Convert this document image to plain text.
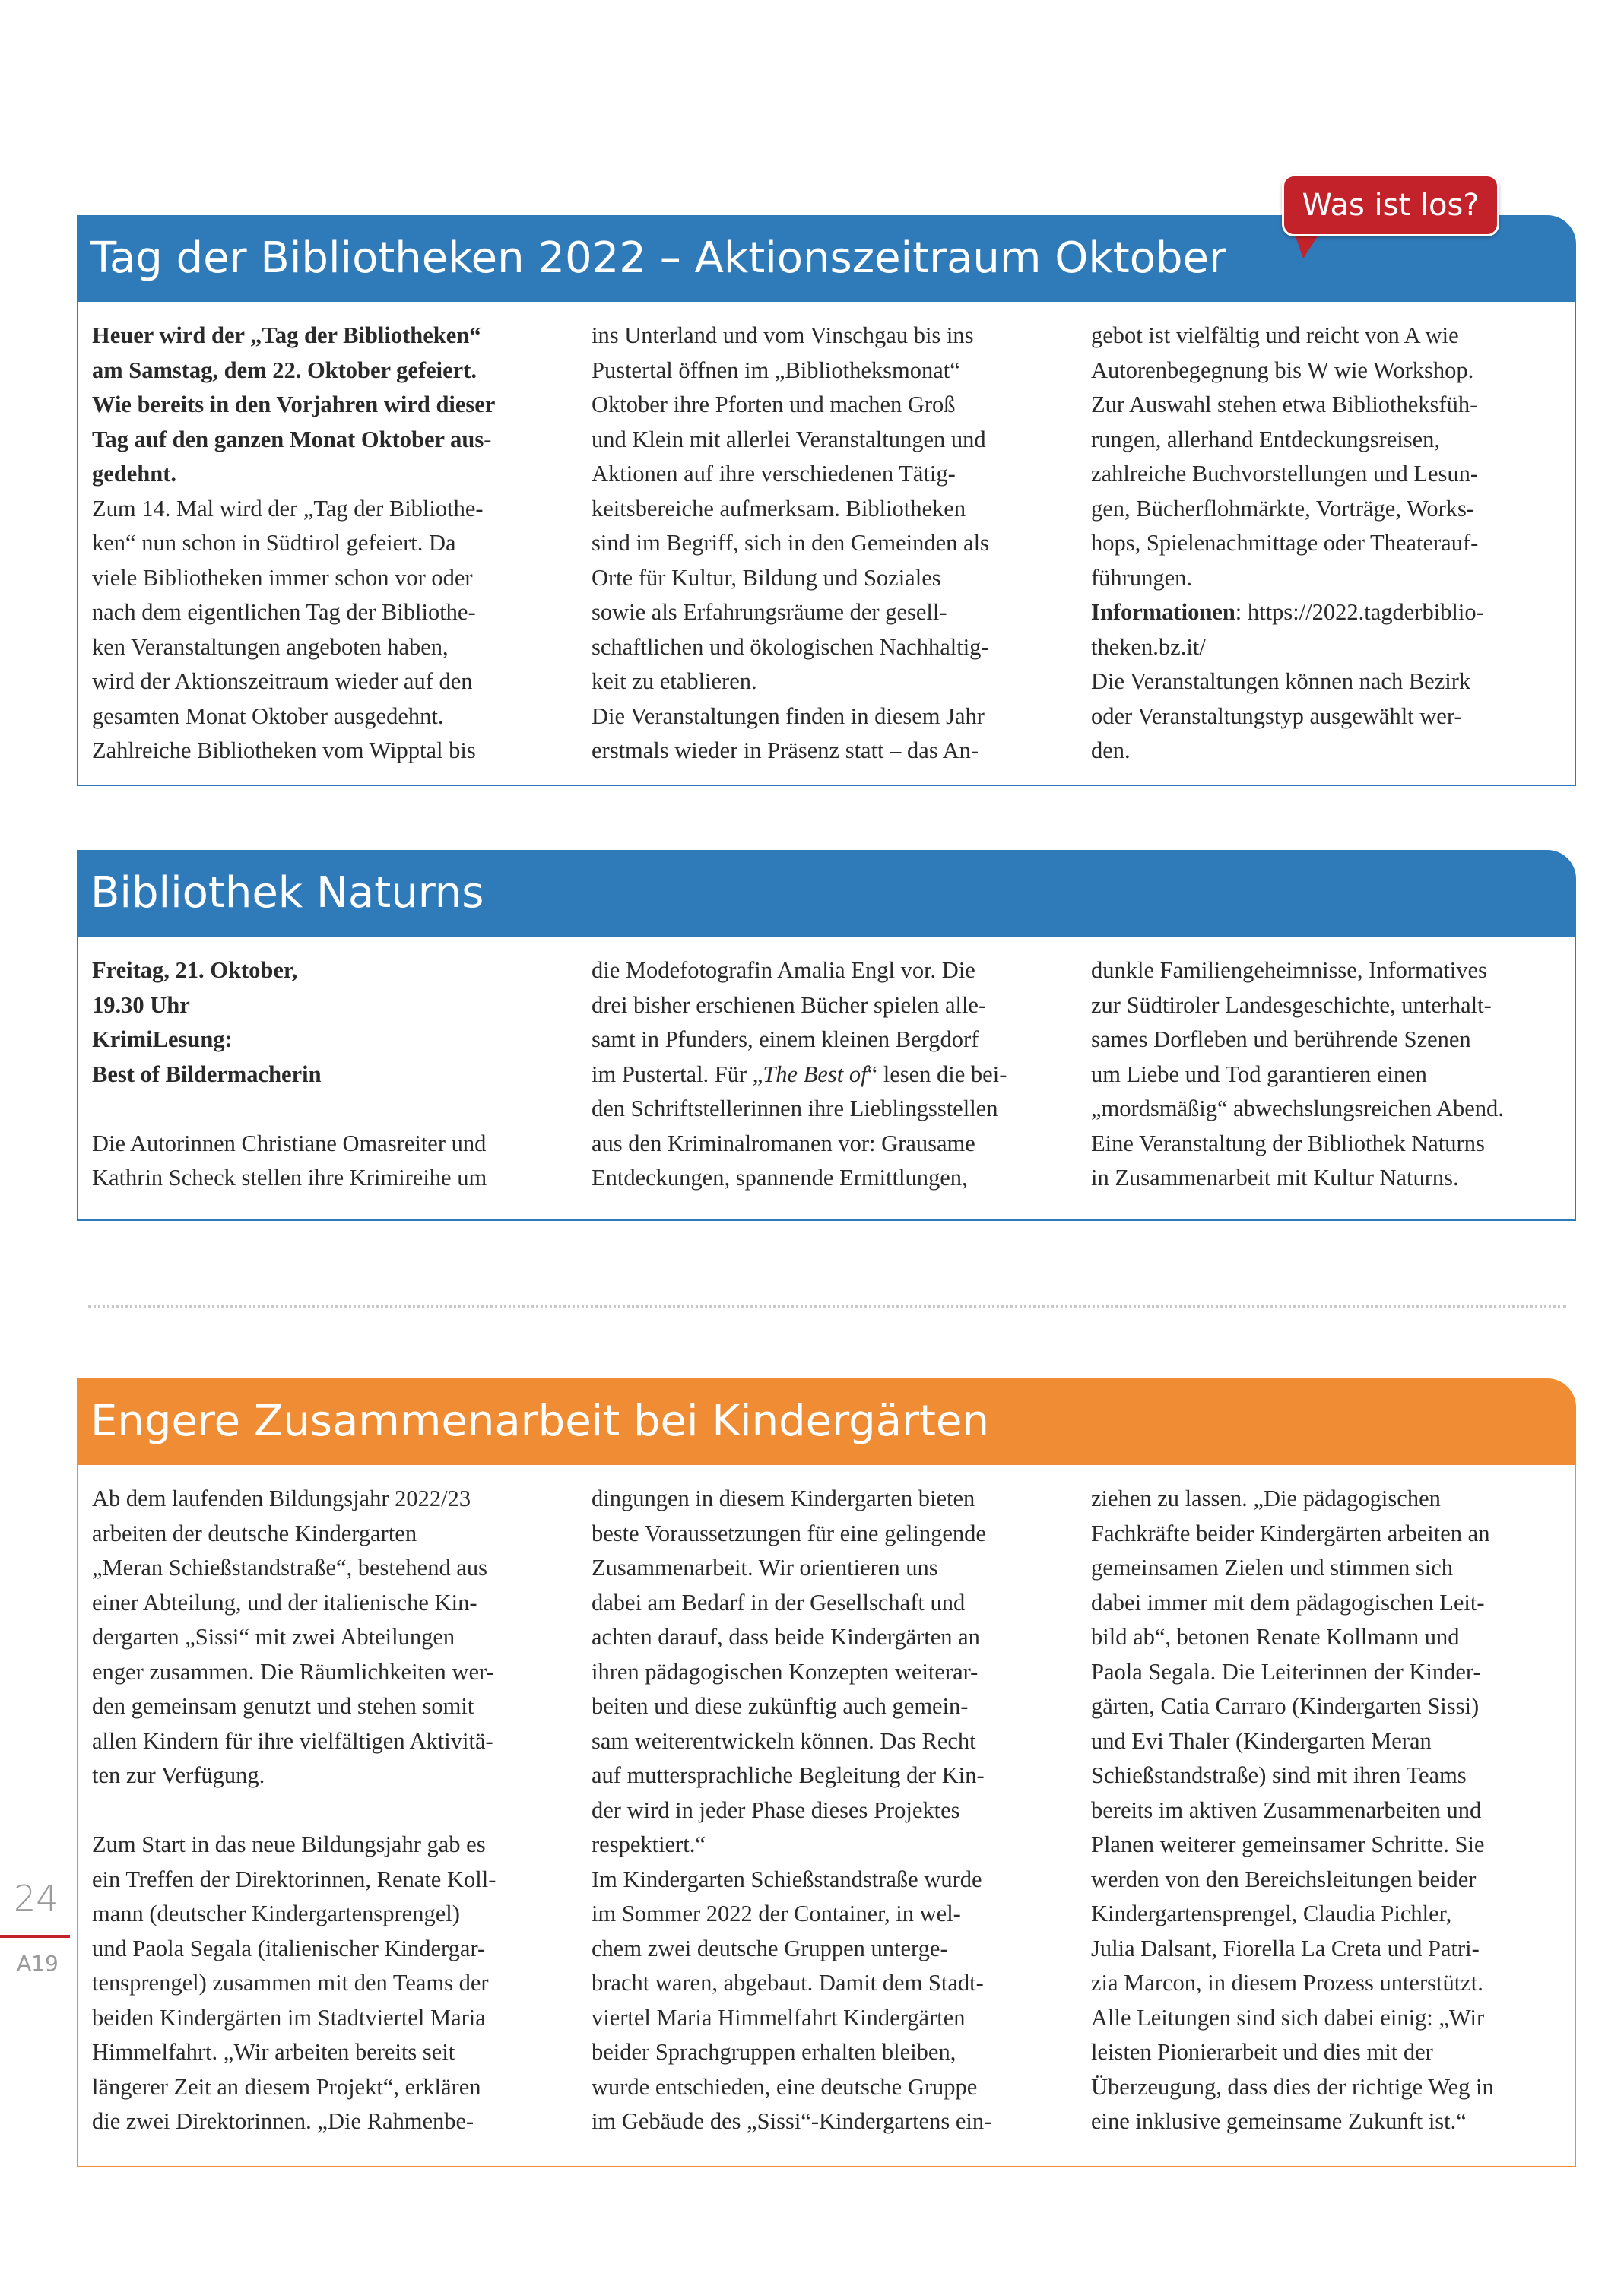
Tag der Bibliotheken 2022 – Aktionszeitraum Oktober

Heuer wird der „Tag der Bibliotheken“

am Samstag, dem 22. Oktober gefeiert.

Wie bereits in den Vorjahren wird dieser

Tag auf den ganzen Monat Oktober aus-

gedehnt.

Zum 14. Mal wird der „Tag der Bibliothe-

ken“ nun schon in Südtirol gefeiert. Da

viele Bibliotheken immer schon vor oder

nach dem eigentlichen Tag der Bibliothe-

ken Veranstaltungen angeboten haben,

wird der Aktionszeitraum wieder auf den

gesamten Monat Oktober ausgedehnt.

Zahlreiche Bibliotheken vom Wipptal bis

ins Unterland und vom Vinschgau bis ins

Pustertal öffnen im „Bibliotheksmonat“

Oktober ihre Pforten und machen Groß

und Klein mit allerlei Veranstaltungen und

Aktionen auf ihre verschiedenen Tätig-

keitsbereiche aufmerksam. Bibliotheken

sind im Begriff, sich in den Gemeinden als

Orte für Kultur, Bildung und Soziales

sowie als Erfahrungsräume der gesell-

schaftlichen und ökologischen Nachhaltig-

keit zu etablieren.

Die Veranstaltungen finden in diesem Jahr

erstmals wieder in Präsenz statt – das An-

gebot ist vielfältig und reicht von A wie

Autorenbegegnung bis W wie Workshop.

Zur Auswahl stehen etwa Bibliotheksfüh-

rungen, allerhand Entdeckungsreisen,

zahlreiche Buchvorstellungen und Lesun-

gen, Bücherflohmärkte, Vorträge, Works-

hops, Spielenachmittage oder Theaterauf-

führungen.

Informationen: https://2022.tagderbiblio-

theken.bz.it/

Die Veranstaltungen können nach Bezirk

oder Veranstaltungstyp ausgewählt wer-

den.

Was ist los?
Bibliothek Naturns

Freitag, 21. Oktober,

19.30 Uhr

KrimiLesung:

Best of Bildermacherin

Die Autorinnen Christiane Omasreiter und

Kathrin Scheck stellen ihre Krimireihe um

die Modefotografin Amalia Engl vor. Die

drei bisher erschienen Bücher spielen alle-

samt in Pfunders, einem kleinen Bergdorf

im Pustertal. Für „The Best of“ lesen die bei-

den Schriftstellerinnen ihre Lieblingsstellen

aus den Kriminalromanen vor: Grausame

Entdeckungen, spannende Ermittlungen,

dunkle Familiengeheimnisse, Informatives

zur Südtiroler Landesgeschichte, unterhalt-

sames Dorfleben und berührende Szenen

um Liebe und Tod garantieren einen

„mordsmäßig“ abwechslungsreichen Abend.

Eine Veranstaltung der Bibliothek Naturns

in Zusammenarbeit mit Kultur Naturns.

Engere Zusammenarbeit bei Kindergärten

Ab dem laufenden Bildungsjahr 2022/23

arbeiten der deutsche Kindergarten

„Meran Schießstandstraße“, bestehend aus

einer Abteilung, und der italienische Kin-

dergarten „Sissi“ mit zwei Abteilungen

enger zusammen. Die Räumlichkeiten wer-

den gemeinsam genutzt und stehen somit

allen Kindern für ihre vielfältigen Aktivitä-

ten zur Verfügung.

Zum Start in das neue Bildungsjahr gab es

ein Treffen der Direktorinnen, Renate Koll-

mann (deutscher Kindergartensprengel)

und Paola Segala (italienischer Kindergar-

tensprengel) zusammen mit den Teams der

beiden Kindergärten im Stadtviertel Maria

Himmelfahrt. „Wir arbeiten bereits seit

längerer Zeit an diesem Projekt“, erklären

die zwei Direktorinnen. „Die Rahmenbe-

dingungen in diesem Kindergarten bieten

beste Voraussetzungen für eine gelingende

Zusammenarbeit. Wir orientieren uns

dabei am Bedarf in der Gesellschaft und

achten darauf, dass beide Kindergärten an

ihren pädagogischen Konzepten weiterar-

beiten und diese zukünftig auch gemein-

sam weiterentwickeln können. Das Recht

auf muttersprachliche Begleitung der Kin-

der wird in jeder Phase dieses Projektes

respektiert.“

Im Kindergarten Schießstandstraße wurde

im Sommer 2022 der Container, in wel-

chem zwei deutsche Gruppen unterge-

bracht waren, abgebaut. Damit dem Stadt-

viertel Maria Himmelfahrt Kindergärten

beider Sprachgruppen erhalten bleiben,

wurde entschieden, eine deutsche Gruppe

im Gebäude des „Sissi“-Kindergartens ein-

ziehen zu lassen. „Die pädagogischen

Fachkräfte beider Kindergärten arbeiten an

gemeinsamen Zielen und stimmen sich

dabei immer mit dem pädagogischen Leit-

bild ab“, betonen Renate Kollmann und

Paola Segala. Die Leiterinnen der Kinder-

gärten, Catia Carraro (Kindergarten Sissi)

und Evi Thaler (Kindergarten Meran

Schießstandstraße) sind mit ihren Teams

bereits im aktiven Zusammenarbeiten und

Planen weiterer gemeinsamer Schritte. Sie

werden von den Bereichsleitungen beider

Kindergartensprengel, Claudia Pichler,

Julia Dalsant, Fiorella La Creta und Patri-

zia Marcon, in diesem Prozess unterstützt.

Alle Leitungen sind sich dabei einig: „Wir

leisten Pionierarbeit und dies mit der

Überzeugung, dass dies der richtige Weg in

eine inklusive gemeinsame Zukunft ist.“

24
A19
